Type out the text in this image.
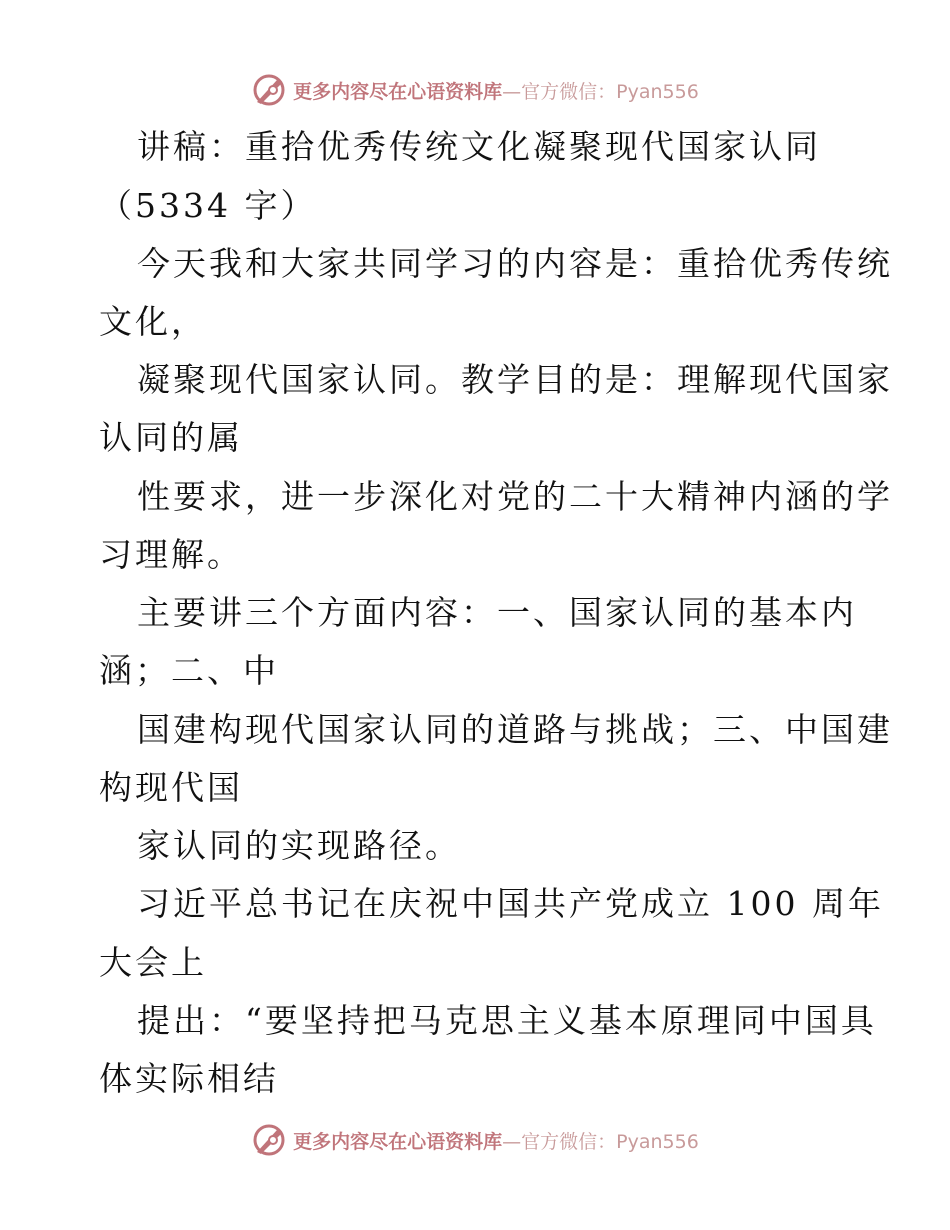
更多内容尽在心语资料库—官方微信：Pyan556
讲稿：重拾优秀传统文化凝聚现代国家认同
（5334 字）
今天我和大家共同学习的内容是：重拾优秀传统
文化，
凝聚现代国家认同。教学目的是：理解现代国家
认同的属
性要求，进一步深化对党的二十大精神内涵的学
习理解。
主要讲三个方面内容：一、国家认同的基本内
涵；二、中
国建构现代国家认同的道路与挑战；三、中国建
构现代国
家认同的实现路径。
习近平总书记在庆祝中国共产党成立 100 周年
大会上
提出：“要坚持把马克思主义基本原理同中国具
体实际相结
更多内容尽在心语资料库—官方微信：Pyan556
